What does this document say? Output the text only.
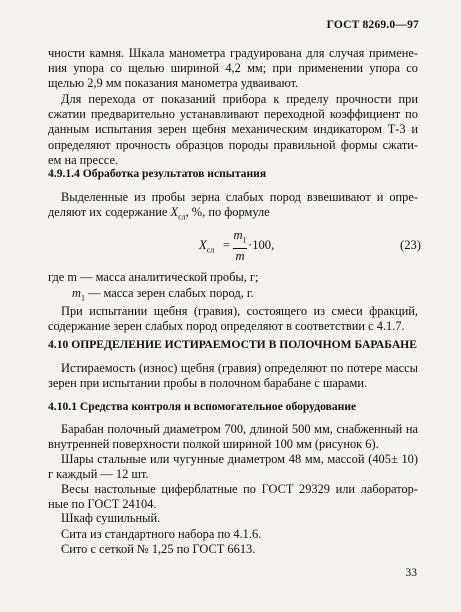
ГОСТ 8269.0—97
чности камня. Шкала манометра градуирована для случая примене-ния упора со щелью шириной 4,2 мм; при применении упора со щелью 2,9 мм показания манометра удваивают.
Для перехода от показаний прибора к пределу прочности при сжатии предварительно устанавливают переходной коэффициент по данным испытания зерен щебня механическим индикатором Т-3 и определяют прочность образцов породы правильной формы сжати-ем на прессе.
4.9.1.4 Обработка результатов испытания
Выделенные из пробы зерна слабых пород взвешивают и опре-деляют их содержание $X_{сл}$, %, по формуле
$X_{сл} = \frac{m_1}{m} \cdot 100$,	(23)
где m — масса аналитической пробы, г;
$m_1$ — масса зерен слабых пород, г.
При испытании щебня (гравия), состоящего из смеси фракций, содержание зерен слабых пород определяют в соответствии с 4.1.7.
4.10 ОПРЕДЕЛЕНИЕ ИСТИРАЕМОСТИ В ПОЛОЧНОМ БАРАБАНЕ
Истираемость (износ) щебня (гравия) определяют по потере массы зерен при испытании пробы в полочном барабане с шарами.
4.10.1 Средства контроля и вспомогательное оборудование
Барабан полочный диаметром 700, длиной 500 мм, снабженный на внутренней поверхности полкой шириной 100 мм (рисунок 6).
Шары стальные или чугунные диаметром 48 мм, массой (405± 10) г каждый — 12 шт.
Весы настольные циферблатные по ГОСТ 29329 или лаборатор-ные по ГОСТ 24104.
Шкаф сушильный.
Сита из стандартного набора по 4.1.6.
Сито с сеткой № 1,25 по ГОСТ 6613.
33
